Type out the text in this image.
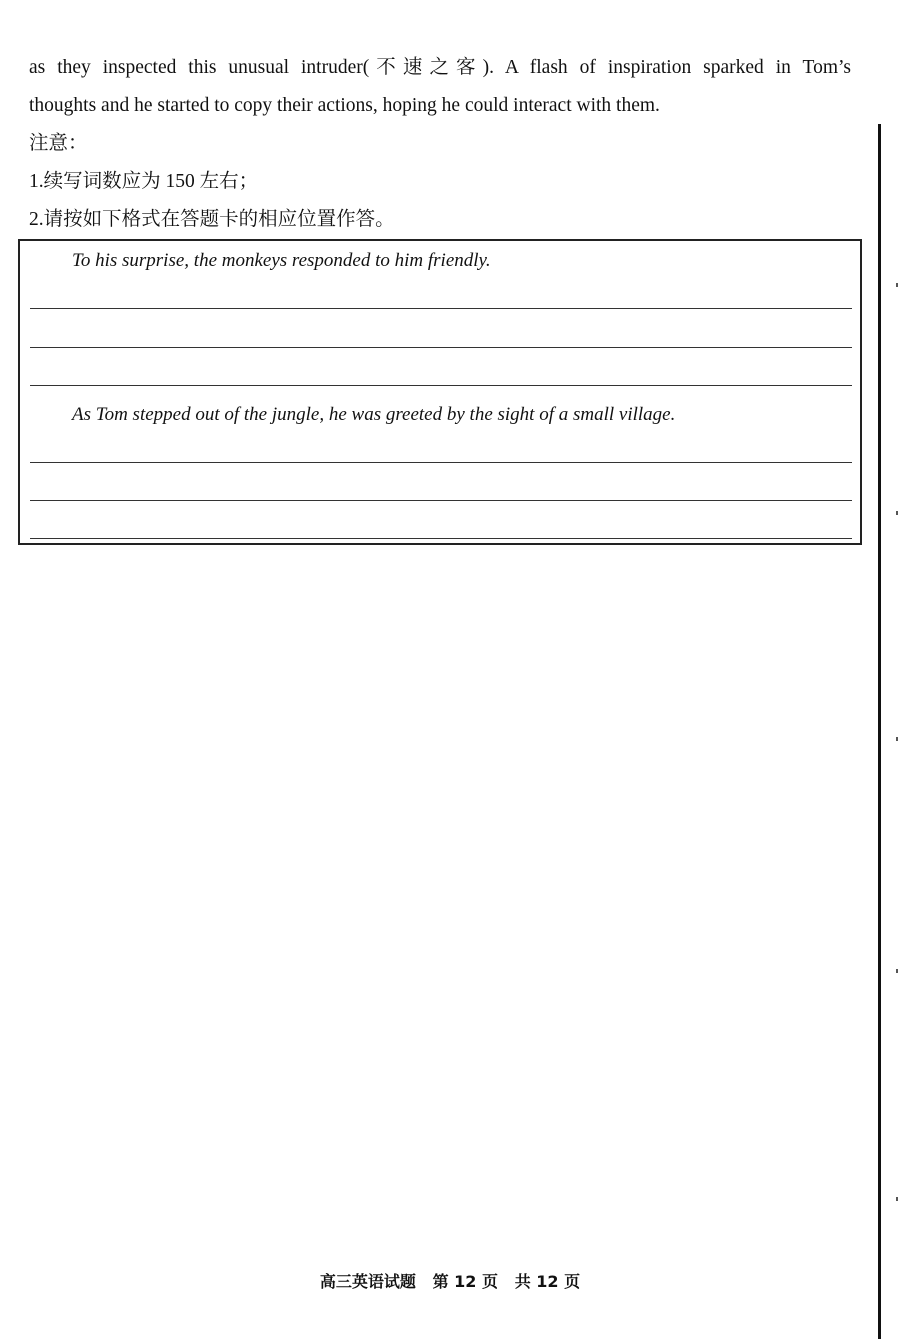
as they inspected this unusual intruder(不速之客). A flash of inspiration sparked in Tom’s
thoughts and he started to copy their actions, hoping he could interact with them.
注意：
1.续写词数应为 150 左右；
2.请按如下格式在答题卡的相应位置作答。
To his surprise, the monkeys responded to him friendly.
As Tom stepped out of the jungle, he was greeted by the sight of a small village.
高三英语试题   第 12 页   共 12 页
